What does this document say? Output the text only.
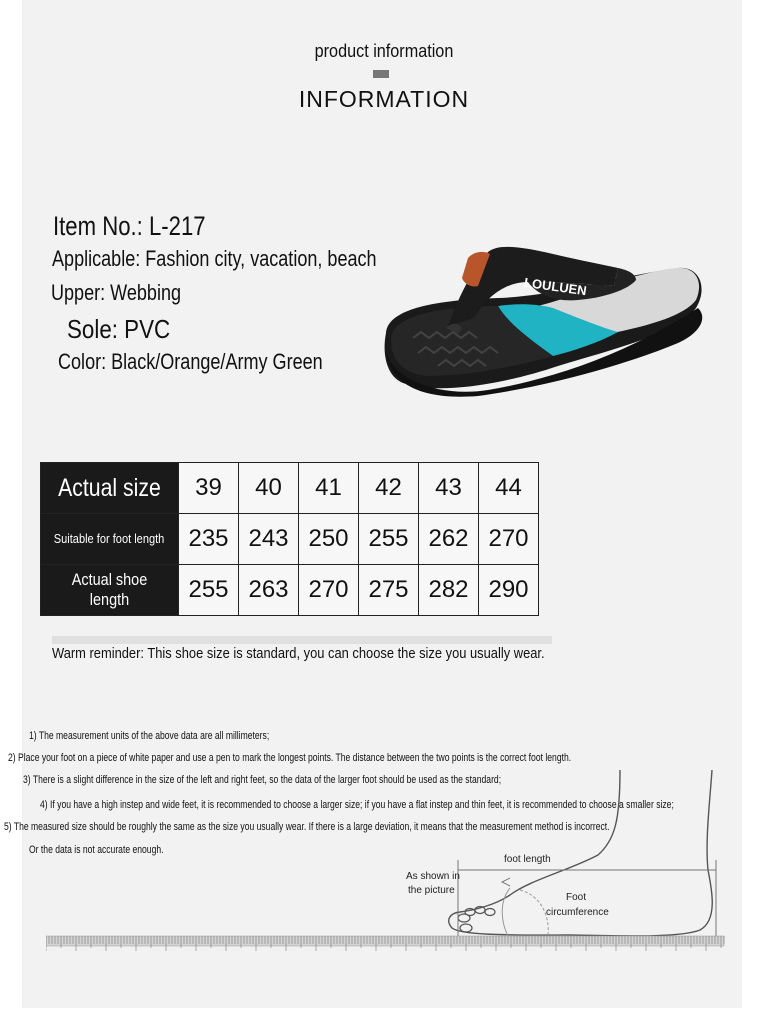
product information
INFORMATION
Item No.: L-217
Applicable: Fashion city, vacation, beach
Upper: Webbing
Sole: PVC
Color: Black/Orange/Army Green
LOULUEN
Actual size	39	40	41	42	43	44
Suitable for foot length	235	243	250	255	262	270
Actual shoe length	255	263	270	275	282	290
Warm reminder: This shoe size is standard, you can choose the size you usually wear.
1) The measurement units of the above data are all millimeters;
2) Place your foot on a piece of white paper and use a pen to mark the longest points. The distance between the two points is the correct foot length.
3) There is a slight difference in the size of the left and right feet, so the data of the larger foot should be used as the standard;
4) If you have a high instep and wide feet, it is recommended to choose a larger size; if you have a flat instep and thin feet, it is recommended to choose a smaller size;
5) The measured size should be roughly the same as the size you usually wear. If there is a large deviation, it means that the measurement method is incorrect.
Or the data is not accurate enough.
foot length
As shown in
the picture
Foot
circumference
